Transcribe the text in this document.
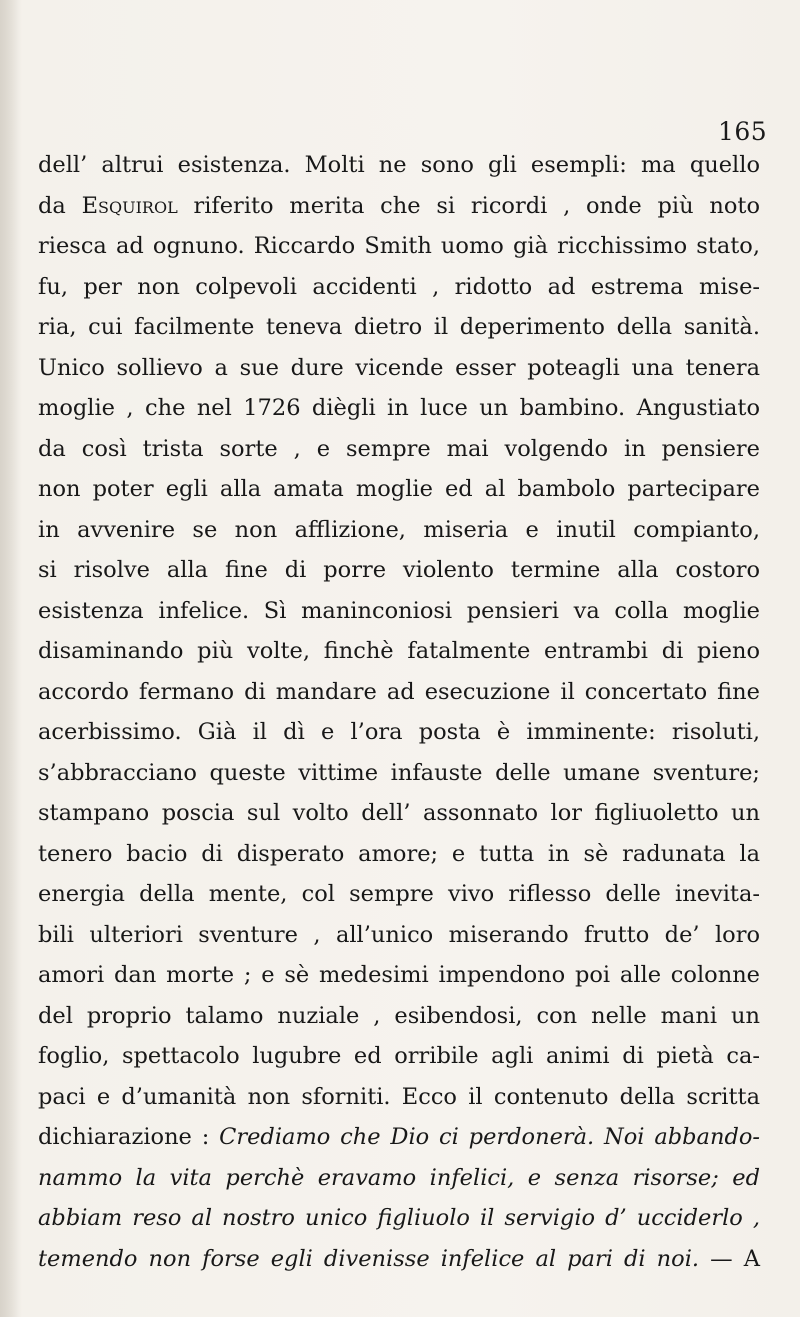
165
dell’ altrui esistenza. Molti ne sono gli esempli: ma quello
da Esquirol riferito merita che si ricordi , onde più noto
riesca ad ognuno. Riccardo Smith uomo già ricchissimo stato,
fu, per non colpevoli accidenti , ridotto ad estrema mise-
ria, cui facilmente teneva dietro il deperimento della sanità.
Unico sollievo a sue dure vicende esser poteagli una tenera
moglie , che nel 1726 diègli in luce un bambino. Angustiato
da così trista sorte , e sempre mai volgendo in pensiere
non poter egli alla amata moglie ed al bambolo partecipare
in avvenire se non afflizione, miseria e inutil compianto,
si risolve alla fine di porre violento termine alla costoro
esistenza infelice. Sì maninconiosi pensieri va colla moglie
disaminando più volte, finchè fatalmente entrambi di pieno
accordo fermano di mandare ad esecuzione il concertato fine
acerbissimo. Già il dì e l’ora posta è imminente: risoluti,
s’abbracciano queste vittime infauste delle umane sventure;
stampano poscia sul volto dell’ assonnato lor figliuoletto un
tenero bacio di disperato amore; e tutta in sè radunata la
energia della mente, col sempre vivo riflesso delle inevita-
bili ulteriori sventure , all’unico miserando frutto de’ loro
amori dan morte ; e sè medesimi impendono poi alle colonne
del proprio talamo nuziale , esibendosi, con nelle mani un
foglio, spettacolo lugubre ed orribile agli animi di pietà ca-
paci e d’umanità non sforniti. Ecco il contenuto della scritta
dichiarazione : Crediamo che Dio ci perdonerà. Noi abbando-
nammo la vita perchè eravamo infelici, e senza risorse; ed
abbiam reso al nostro unico figliuolo il servigio d’ ucciderlo ,
temendo non forse egli divenisse infelice al pari di noi. — A
